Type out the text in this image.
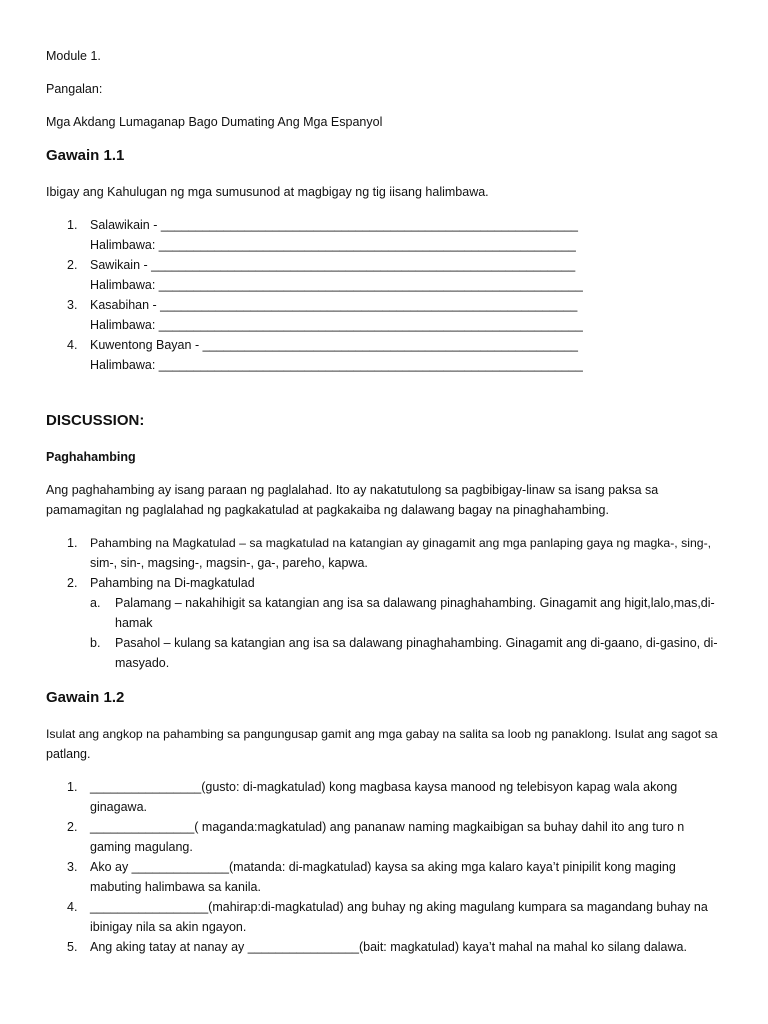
Module 1.
Pangalan:
Mga Akdang Lumaganap Bago Dumating Ang Mga Espanyol
Gawain 1.1
Ibigay ang Kahulugan ng mga sumusunod at magbigay ng tig iisang halimbawa.
1. Salawikain - ____________________________________________________________
Halimbawa: ____________________________________________________________
2. Sawikain - _____________________________________________________________
Halimbawa: _____________________________________________________________
3. Kasabihan - ____________________________________________________________
Halimbawa: _____________________________________________________________
4. Kuwentong Bayan - ______________________________________________________
Halimbawa: _____________________________________________________________
DISCUSSION:
Paghahambing
Ang paghahambing ay isang paraan ng paglalahad. Ito ay nakatutulong sa pagbibigay-linaw sa isang paksa sa
pamamagitan ng paglalahad ng pagkakatulad at pagkakaiba ng dalawang bagay na pinaghahambing.
1. Pahambing na Magkatulad – sa magkatulad na katangian ay ginagamit ang mga panlaping gaya ng magka-, sing-,
sim-, sin-, magsing-, magsin-, ga-, pareho, kapwa.
2. Pahambing na Di-magkatulad
a. Palamang – nakahihigit sa katangian ang isa sa dalawang pinaghahambing. Ginagamit ang higit,lalo,mas,di-
hamak
b. Pasahol – kulang sa katangian ang isa sa dalawang pinaghahambing. Ginagamit ang di-gaano, di-gasino, di-
masyado.
Gawain 1.2
Isulat ang angkop na pahambing sa pangungusap gamit ang mga gabay na salita sa loob ng panaklong. Isulat ang sagot sa
patlang.
1. ________________(gusto: di-magkatulad) kong magbasa kaysa manood ng telebisyon kapag wala akong
ginagawa.
2. _______________( maganda:magkatulad) ang pananaw naming magkaibigan sa buhay dahil ito ang turo n
gaming magulang.
3. Ako ay ______________(matanda: di-magkatulad) kaysa sa aking mga kalaro kaya’t pinipilit kong maging
mabuting halimbawa sa kanila.
4. _________________(mahirap:di-magkatulad) ang buhay ng aking magulang kumpara sa magandang buhay na
ibinigay nila sa akin ngayon.
5. Ang aking tatay at nanay ay ________________(bait: magkatulad) kaya’t mahal na mahal ko silang dalawa.
